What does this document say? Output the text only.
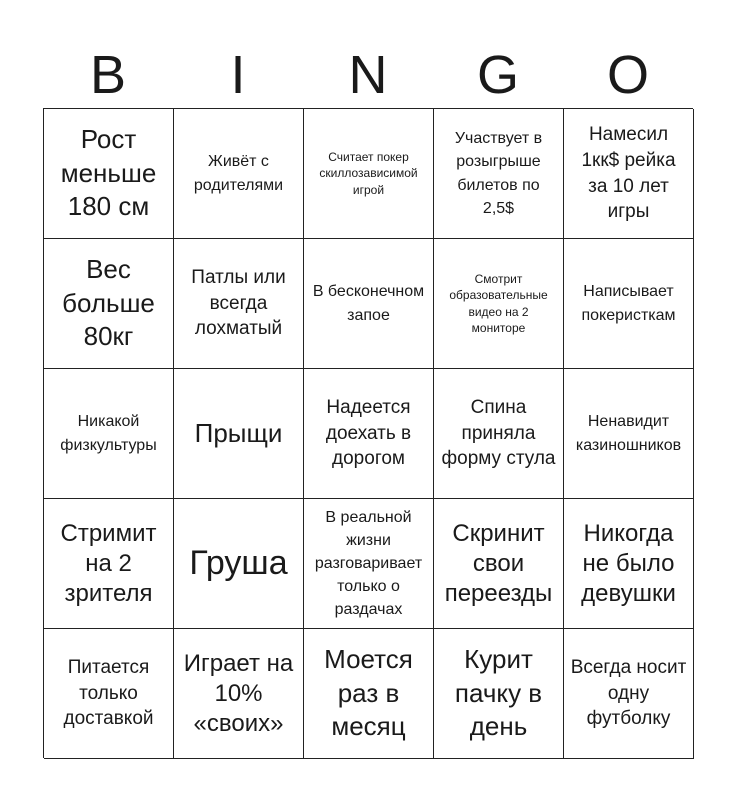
B	I	N	G	O
Рост меньше 180 см
Живёт с родителями
Считает покер скиллозависимой игрой
Участвует в розыгрыше билетов по 2,5$
Намесил 1кк$ рейка за 10 лет игры
Вес больше 80кг
Патлы или всегда лохматый
В бесконечном запое
Смотрит образовательные видео на 2 мониторе
Написывает покеристкам
Никакой физкультуры	Прыщи
Надеется доехать в дорогом
Спина приняла форму стула
Ненавидит казиношников
Стримит на 2 зрителя
Груша
В реальной жизни разговаривает только о раздачах
Скринит свои переезды
Никогда не было девушки
Питается только доставкой
Играет на 10% «своих»
Моется раз в месяц
Курит пачку в день
Всегда носит одну футболку
